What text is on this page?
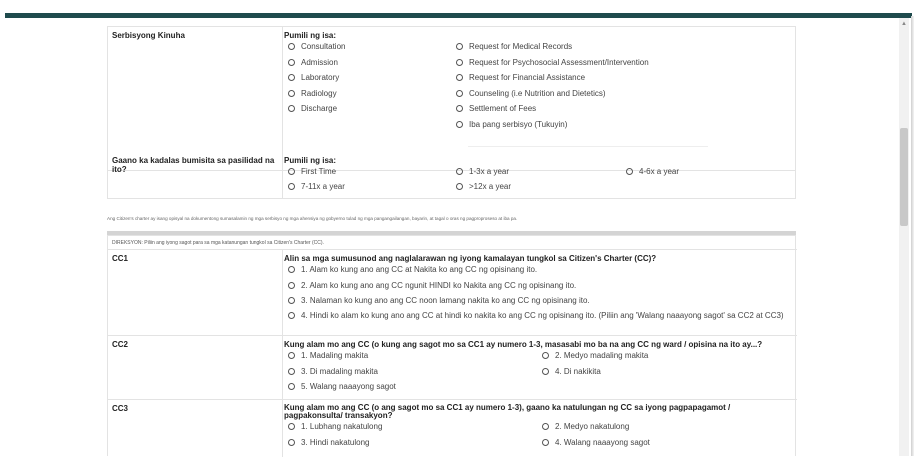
▲
Serbisyong Kinuha	Pumili ng isa:
Consultation
Admission
Laboratory
Radiology
Discharge
Request for Medical Records
Request for Psychosocial Assessment/Intervention
Request for Financial Assistance
Counseling (i.e Nutrition and Dietetics)
Settlement of Fees
Iba pang serbisyo (Tukuyin)
Gaano ka kadalas bumisita sa pasilidad na ito?
Pumili ng isa:
First Time	1-3x a year	4-6x a year
7-11x a year	>12x a year
Ang Citizen's charter ay isang opisyal na dokumentong sumasalamin ng mga serbisyo ng mga ahensiya ng gobyerno tulad ng mga pangangailangan, bayarin, at tagal o oras ng pagproproseso at iba pa.
DIREKSYON: Piliin ang iyong sagot para sa mga katanungan tungkol sa Citizen's Charter (CC).
CC1	Alin sa mga sumusunod ang naglalarawan ng iyong kamalayan tungkol sa Citizen's Charter (CC)?
1. Alam ko kung ano ang CC at Nakita ko ang CC ng opisinang ito.
2. Alam ko kung ano ang CC ngunit HINDI ko Nakita ang CC ng opisinang ito.
3. Nalaman ko kung ano ang CC noon lamang nakita ko ang CC ng opisinang ito.
4. Hindi ko alam ko kung ano ang CC at hindi ko nakita ko ang CC ng opisinang ito. (Piliin ang 'Walang naaayong sagot' sa CC2 at CC3)
CC2	Kung alam mo ang CC (o kung ang sagot mo sa CC1 ay numero 1-3, masasabi mo ba na ang CC ng ward / opisina na ito ay...?
1. Madaling makita	2. Medyo madaling makita
3. Di madaling makita	4. Di nakikita
5. Walang naaayong sagot
CC3	Kung alam mo ang CC (o ang sagot mo sa CC1 ay numero 1-3), gaano ka natulungan ng CC sa iyong pagpapagamot / pagpakonsulta/ transakyon?
1. Lubhang nakatulong	2. Medyo nakatulong
3. Hindi nakatulong	4. Walang naaayong sagot
